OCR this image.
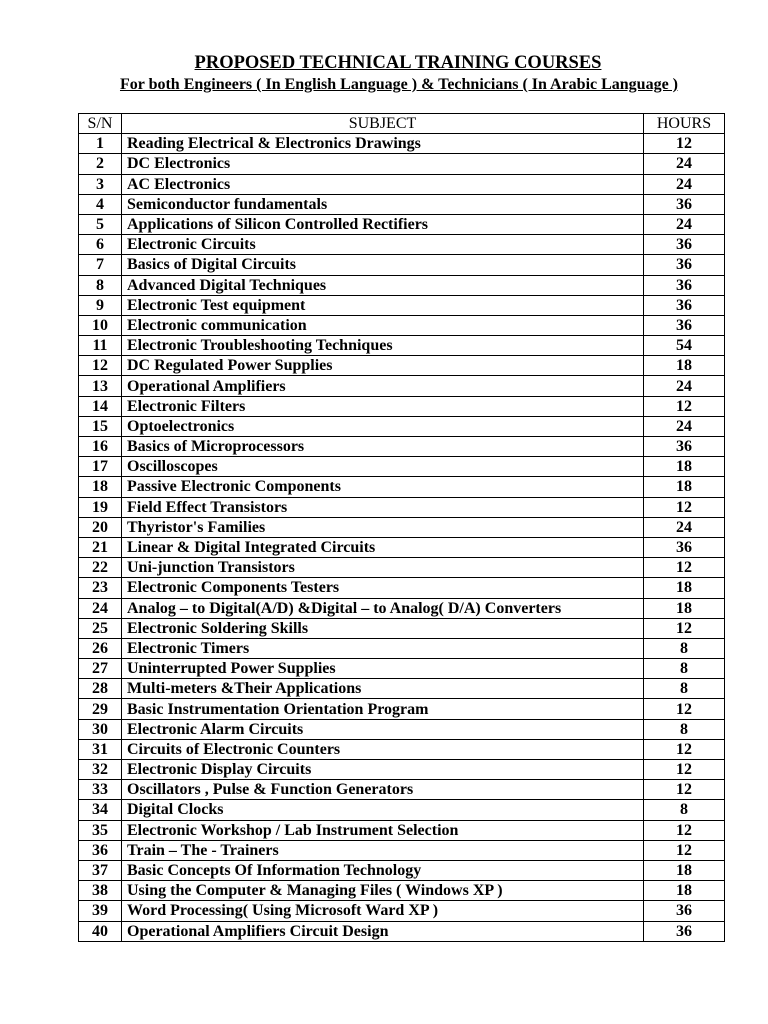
PROPOSED TECHNICAL TRAINING COURSES
For both Engineers ( In English Language ) & Technicians ( In Arabic Language )
S/N	SUBJECT	HOURS
1	Reading Electrical & Electronics Drawings	12
2	DC Electronics	24
3	AC Electronics	24
4	Semiconductor fundamentals	36
5	Applications of Silicon Controlled Rectifiers	24
6	Electronic Circuits	36
7	Basics of Digital Circuits	36
8	Advanced Digital Techniques	36
9	Electronic Test equipment	36
10	Electronic communication	36
11	Electronic Troubleshooting Techniques	54
12	DC Regulated Power Supplies	18
13	Operational Amplifiers	24
14	Electronic Filters	12
15	Optoelectronics	24
16	Basics of Microprocessors	36
17	Oscilloscopes	18
18	Passive Electronic Components	18
19	Field Effect Transistors	12
20	Thyristor's Families	24
21	Linear & Digital Integrated Circuits	36
22	Uni-junction Transistors	12
23	Electronic Components Testers	18
24	Analog – to Digital(A/D) &Digital – to Analog( D/A) Converters	18
25	Electronic Soldering Skills	12
26	Electronic Timers	8
27	Uninterrupted Power Supplies	8
28	Multi-meters &Their Applications	8
29	Basic Instrumentation Orientation Program	12
30	Electronic Alarm Circuits	8
31	Circuits of Electronic Counters	12
32	Electronic Display Circuits	12
33	Oscillators , Pulse & Function Generators	12
34	Digital Clocks	8
35	Electronic Workshop / Lab Instrument Selection	12
36	Train – The - Trainers	12
37	Basic Concepts Of Information Technology	18
38	Using the Computer & Managing Files ( Windows XP )	18
39	Word Processing( Using Microsoft Ward XP )	36
40	Operational Amplifiers Circuit Design	36
